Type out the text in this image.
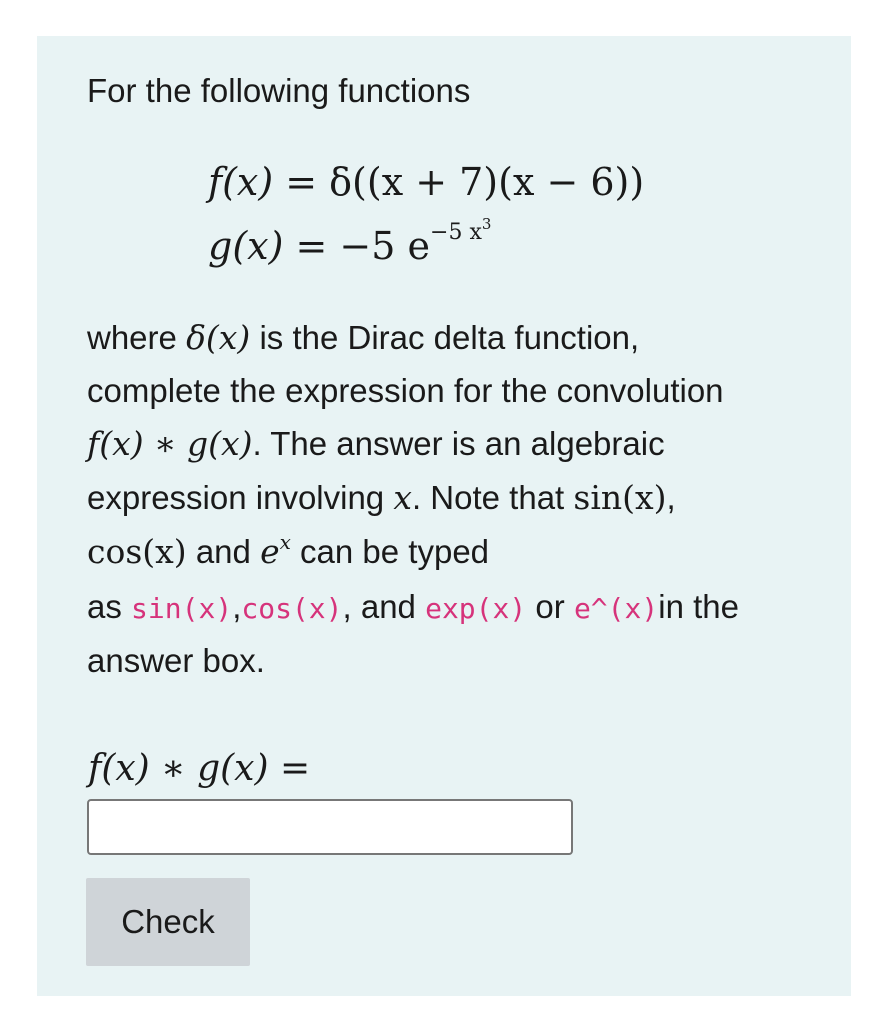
For the following functions
f(x) = δ((x + 7)(x − 6))
g(x) = −5 $e^{-5 x^3}$
where δ(x) is the Dirac delta function,
complete the expression for the convolution
f(x) ∗ g(x). The answer is an algebraic
expression involving x. Note that sin(x),
cos(x) and $e^x$ can be typed
as sin(x),cos(x), and exp(x) or e^(x)in the
answer box.
f(x) ∗ g(x) =
Check
